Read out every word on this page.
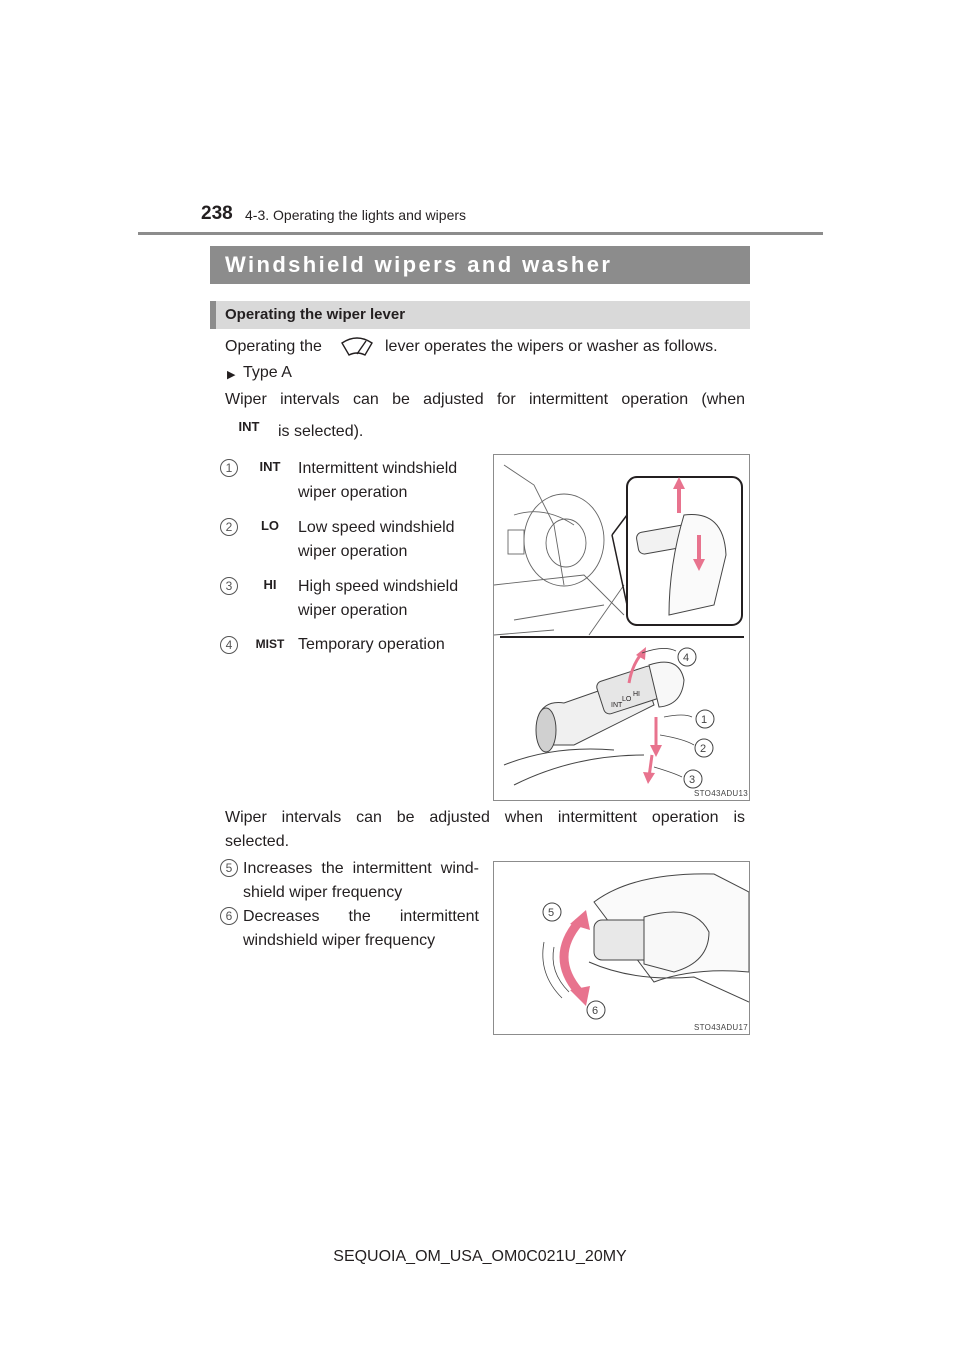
238 4-3. Operating the lights and wipers
Windshield wipers and washer
Operating the wiper lever
Operating the	lever operates the wipers or washer as follows.
▶ Type A
Wiper intervals can be adjusted for intermittent operation (when
INT	is selected).
1	INT	Intermittent windshield
wiper operation
2	LO	Low speed windshield
wiper operation
3	HI	High speed windshield
wiper operation
4	MIST Temporary operation
INT
LO
HI
4
1
2
3
STO43ADU13
Wiper intervals can be adjusted when intermittent operation is
selected.
5 Increases the intermittent wind-
shield wiper frequency
6 Decreases the intermittent
windshield wiper frequency
5
6
STO43ADU17
SEQUOIA_OM_USA_OM0C021U_20MY
